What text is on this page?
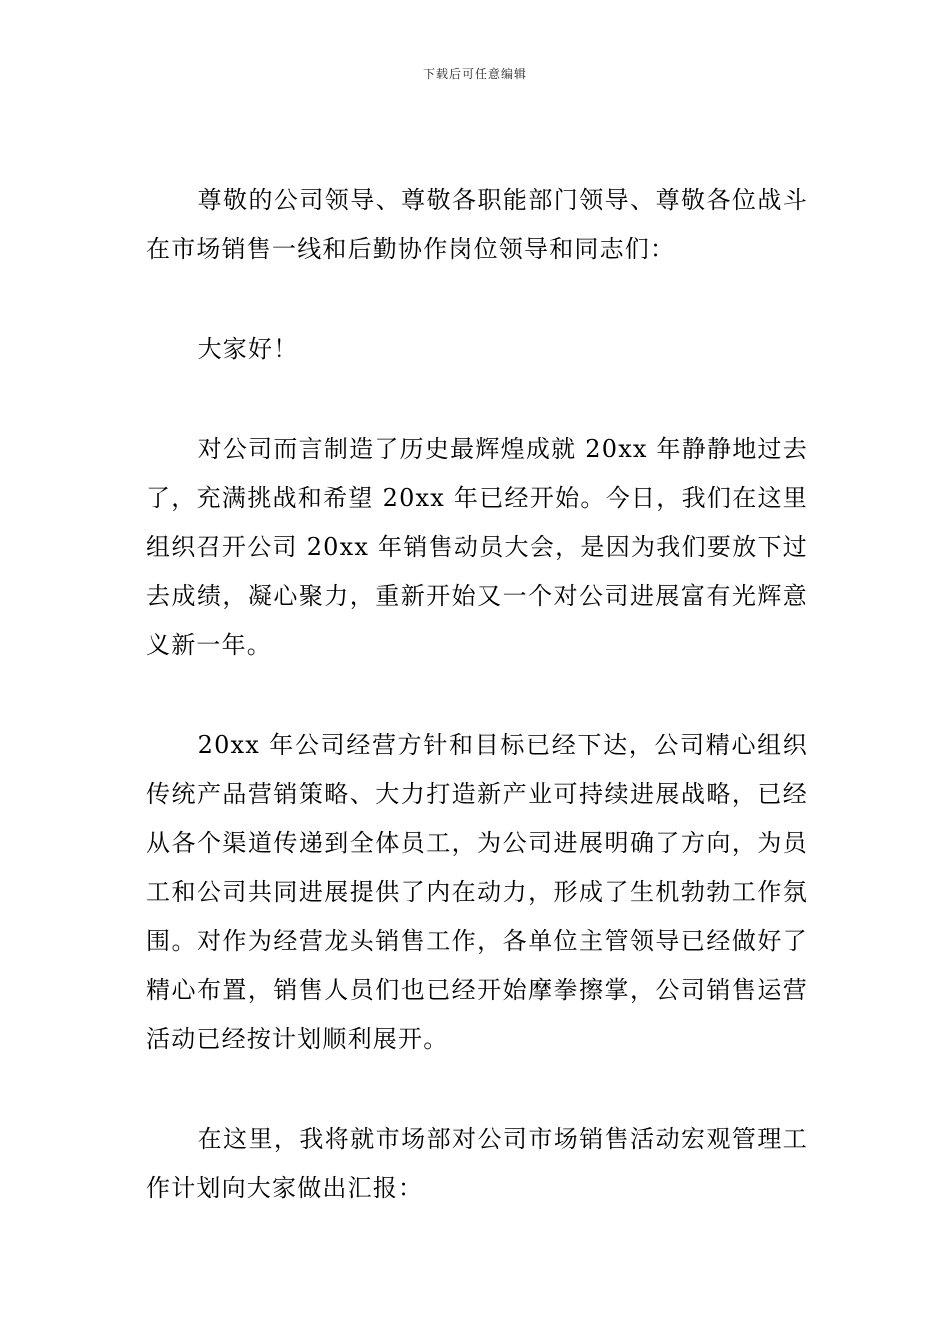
下载后可任意编辑

尊敬的公司领导、尊敬各职能部门领导、尊敬各位战斗在市场销售一线和后勤协作岗位领导和同志们：

大家好！

对公司而言制造了历史最辉煌成就 20xx 年静静地过去了，充满挑战和希望 20xx 年已经开始。今日，我们在这里组织召开公司 20xx 年销售动员大会，是因为我们要放下过去成绩，凝心聚力，重新开始又一个对公司进展富有光辉意义新一年。

20xx 年公司经营方针和目标已经下达，公司精心组织传统产品营销策略、大力打造新产业可持续进展战略，已经从各个渠道传递到全体员工，为公司进展明确了方向，为员工和公司共同进展提供了内在动力，形成了生机勃勃工作氛围。对作为经营龙头销售工作，各单位主管领导已经做好了精心布置，销售人员们也已经开始摩拳擦掌，公司销售运营活动已经按计划顺利展开。

在这里，我将就市场部对公司市场销售活动宏观管理工作计划向大家做出汇报：
